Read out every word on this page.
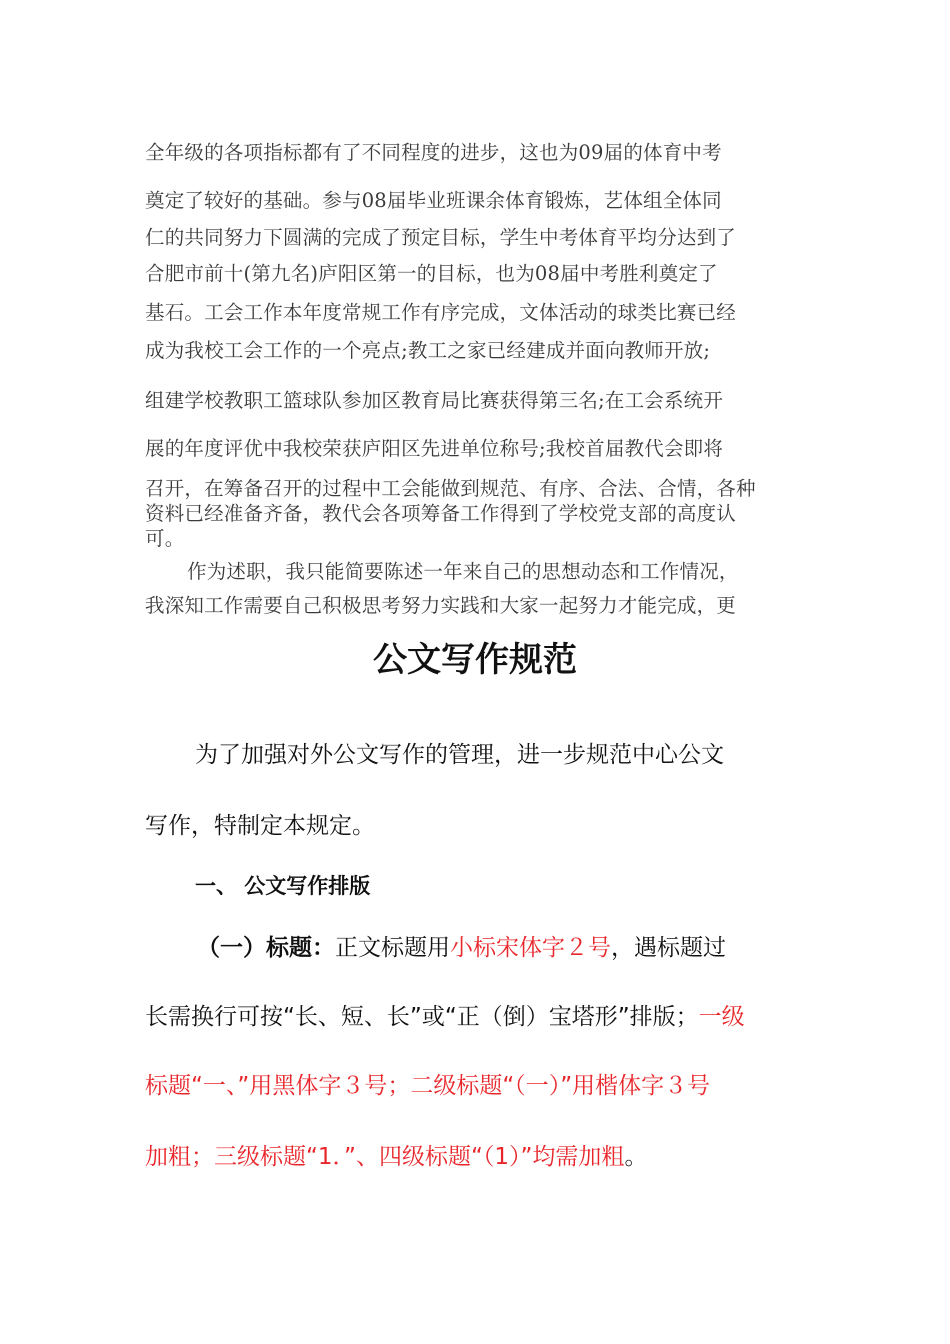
全年级的各项指标都有了不同程度的进步，这也为09届的体育中考
奠定了较好的基础。参与08届毕业班课余体育锻炼，艺体组全体同
仁的共同努力下圆满的完成了预定目标，学生中考体育平均分达到了
合肥市前十(第九名)庐阳区第一的目标，也为08届中考胜利奠定了
基石。工会工作本年度常规工作有序完成，文体活动的球类比赛已经
成为我校工会工作的一个亮点;教工之家已经建成并面向教师开放;
组建学校教职工篮球队参加区教育局比赛获得第三名;在工会系统开
展的年度评优中我校荣获庐阳区先进单位称号;我校首届教代会即将
召开，在筹备召开的过程中工会能做到规范、有序、合法、合情，各种
资料已经准备齐备，教代会各项筹备工作得到了学校党支部的高度认
可。
作为述职，我只能简要陈述一年来自己的思想动态和工作情况，
我深知工作需要自己积极思考努力实践和大家一起努力才能完成，更
公文写作规范
为了加强对外公文写作的管理，进一步规范中心公文
写作，特制定本规定。
一、 公文写作排版
（一）标题：正文标题用小标宋体字２号，遇标题过
长需换行可按“长、短、长”或“正（倒）宝塔形”排版；一级
标题“一、”用黑体字３号；二级标题“（一）”用楷体字３号
加粗；三级标题“1．”、四级标题“（1）”均需加粗。
